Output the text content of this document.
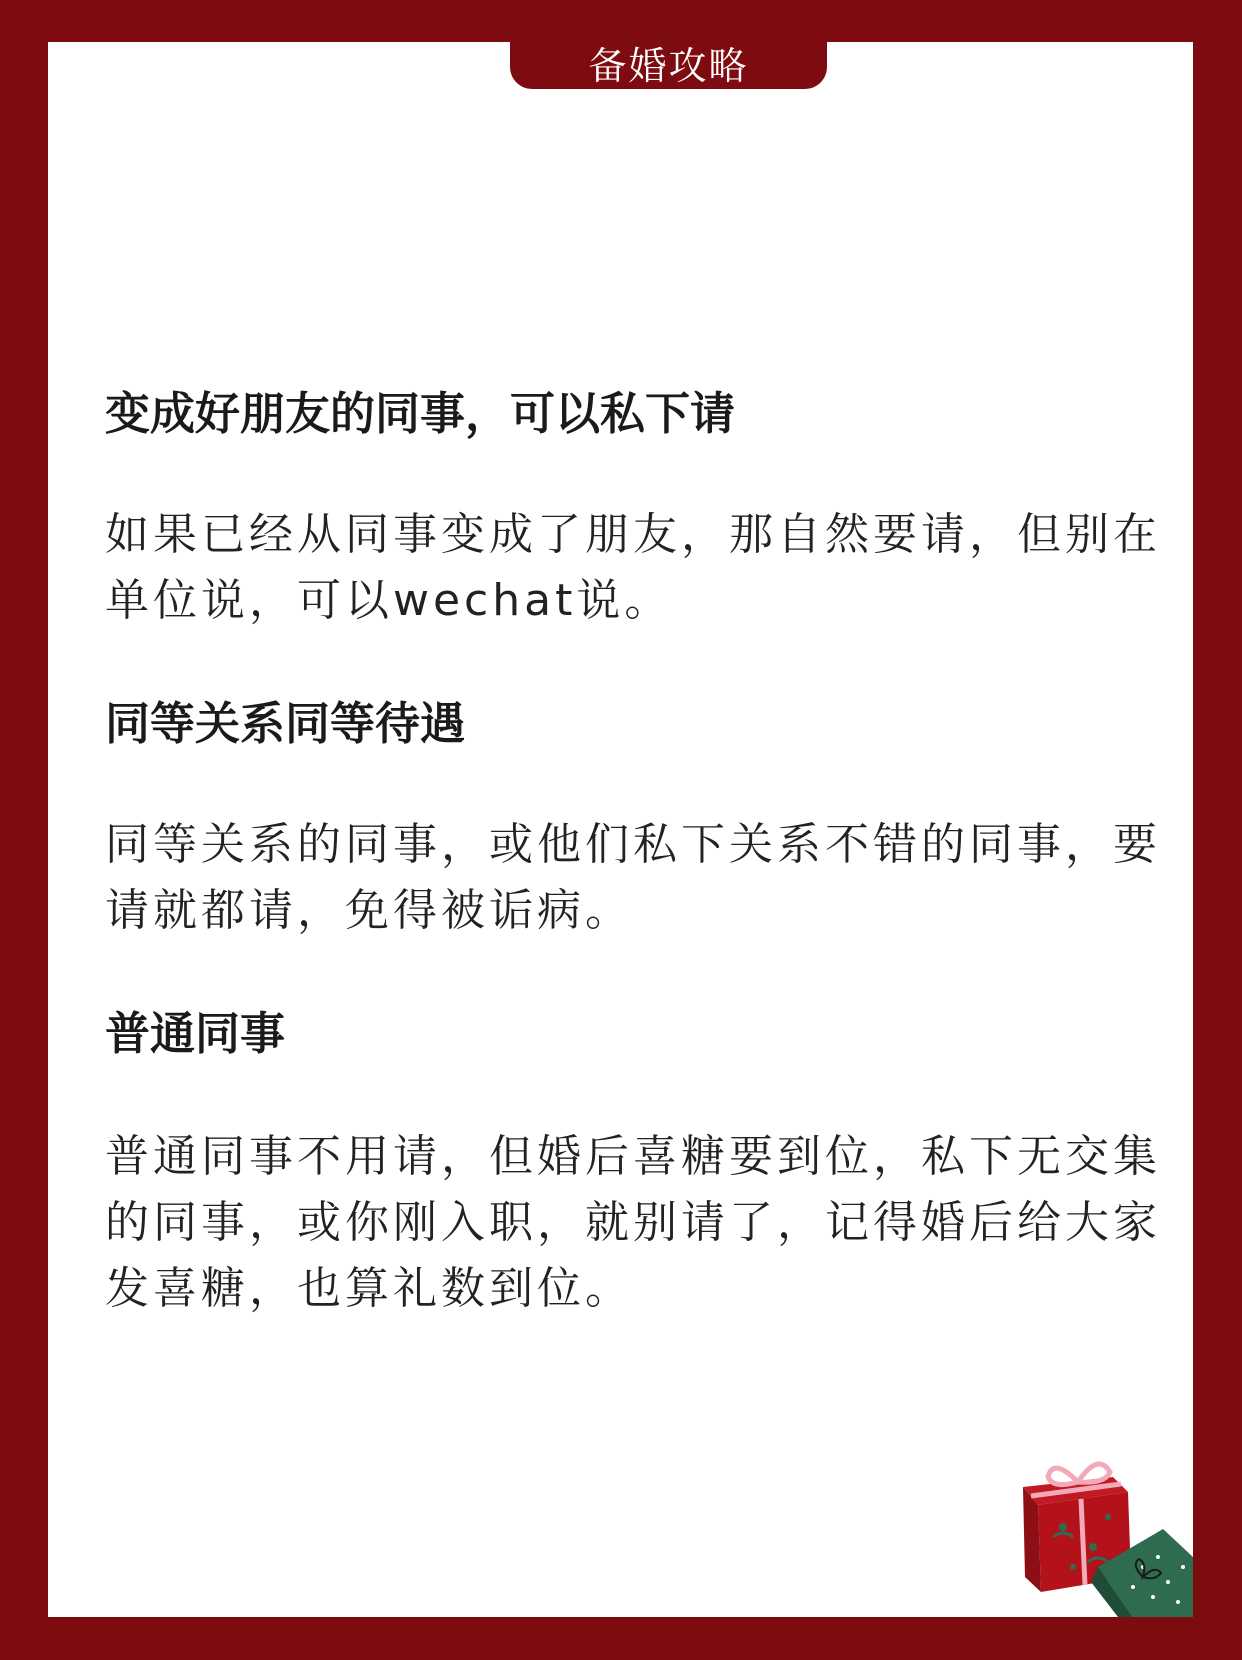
备婚攻略
变成好朋友的同事，可以私下请

如果已经从同事变成了朋友，那自然要请，但别在单位说，可以wechat说。

同等关系同等待遇

同等关系的同事，或他们私下关系不错的同事，要请就都请，免得被诟病。

普通同事

普通同事不用请，但婚后喜糖要到位，私下无交集的同事，或你刚入职，就别请了，记得婚后给大家发喜糖，也算礼数到位。
